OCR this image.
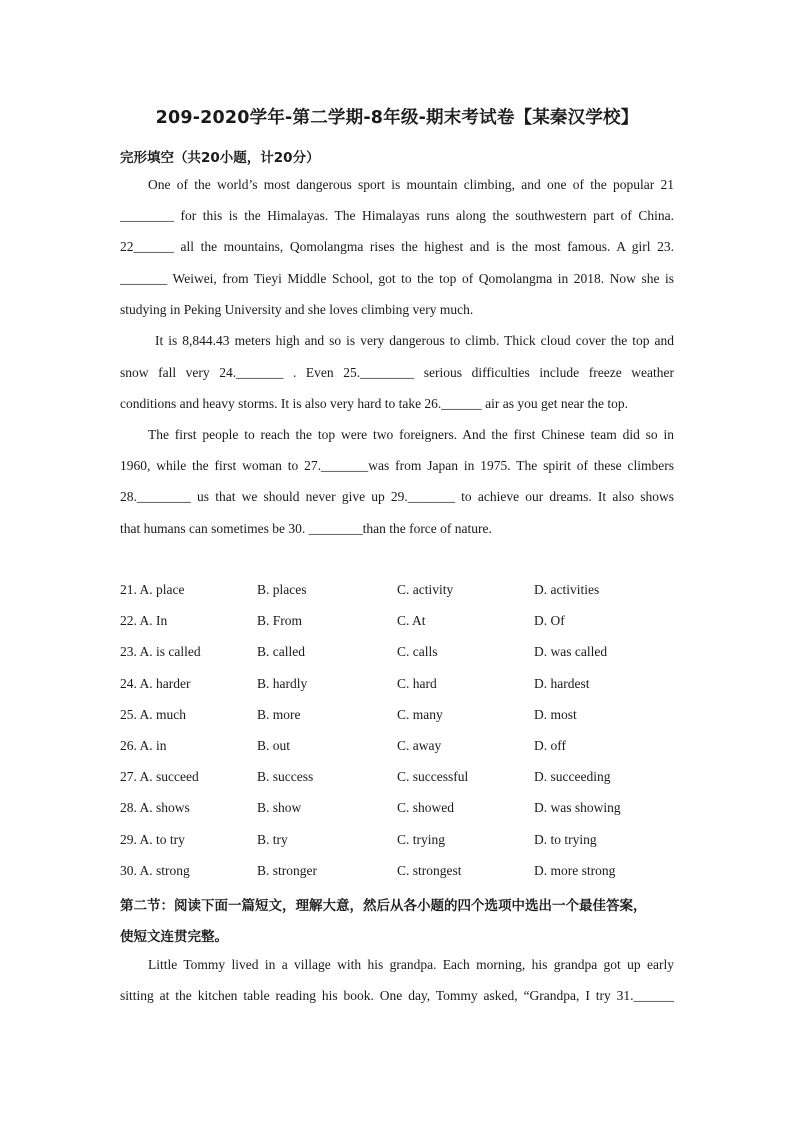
209-2020学年-第二学期-8年级-期末考试卷【某秦汉学校】
完形填空（共20小题，计20分）
One of the world’s most dangerous sport is mountain climbing, and one of the popular 21
________ for this is the Himalayas. The Himalayas runs along the southwestern part of China.
22______ all the mountains, Qomolangma rises the highest and is the most famous. A girl 23.
_______ Weiwei, from Tieyi Middle School, got to the top of Qomolangma in 2018. Now she is
studying in Peking University and she loves climbing very much.
It is 8,844.43 meters high and so is very dangerous to climb. Thick cloud cover the top and
snow fall very 24._______ . Even 25.________ serious difficulties include freeze weather
conditions and heavy storms. It is also very hard to take 26.______ air as you get near the top.
The first people to reach the top were two foreigners. And the first Chinese team did so in
1960, while the first woman to 27._______was from Japan in 1975. The spirit of these climbers
28.________ us that we should never give up 29._______ to achieve our dreams. It also shows
that humans can sometimes be 30. ________than the force of nature.
21. A. place	B. places	C. activity	D. activities
22. A. In	B. From	C. At	D. Of
23. A. is called	B. called	C. calls	D. was called
24. A. harder	B. hardly	C. hard	D. hardest
25. A. much	B. more	C. many	D. most
26. A. in	B. out	C. away	D. off
27. A. succeed	B. success	C. successful	D. succeeding
28. A. shows	B. show	C. showed	D. was showing
29. A. to try	B. try	C. trying	D. to trying
30. A. strong	B. stronger	C. strongest	D. more strong
第二节：阅读下面一篇短文，理解大意，然后从各小题的四个选项中选出一个最佳答案，
使短文连贯完整。
Little Tommy lived in a village with his grandpa. Each morning, his grandpa got up early
sitting at the kitchen table reading his book. One day, Tommy asked, “Grandpa, I try 31.______
